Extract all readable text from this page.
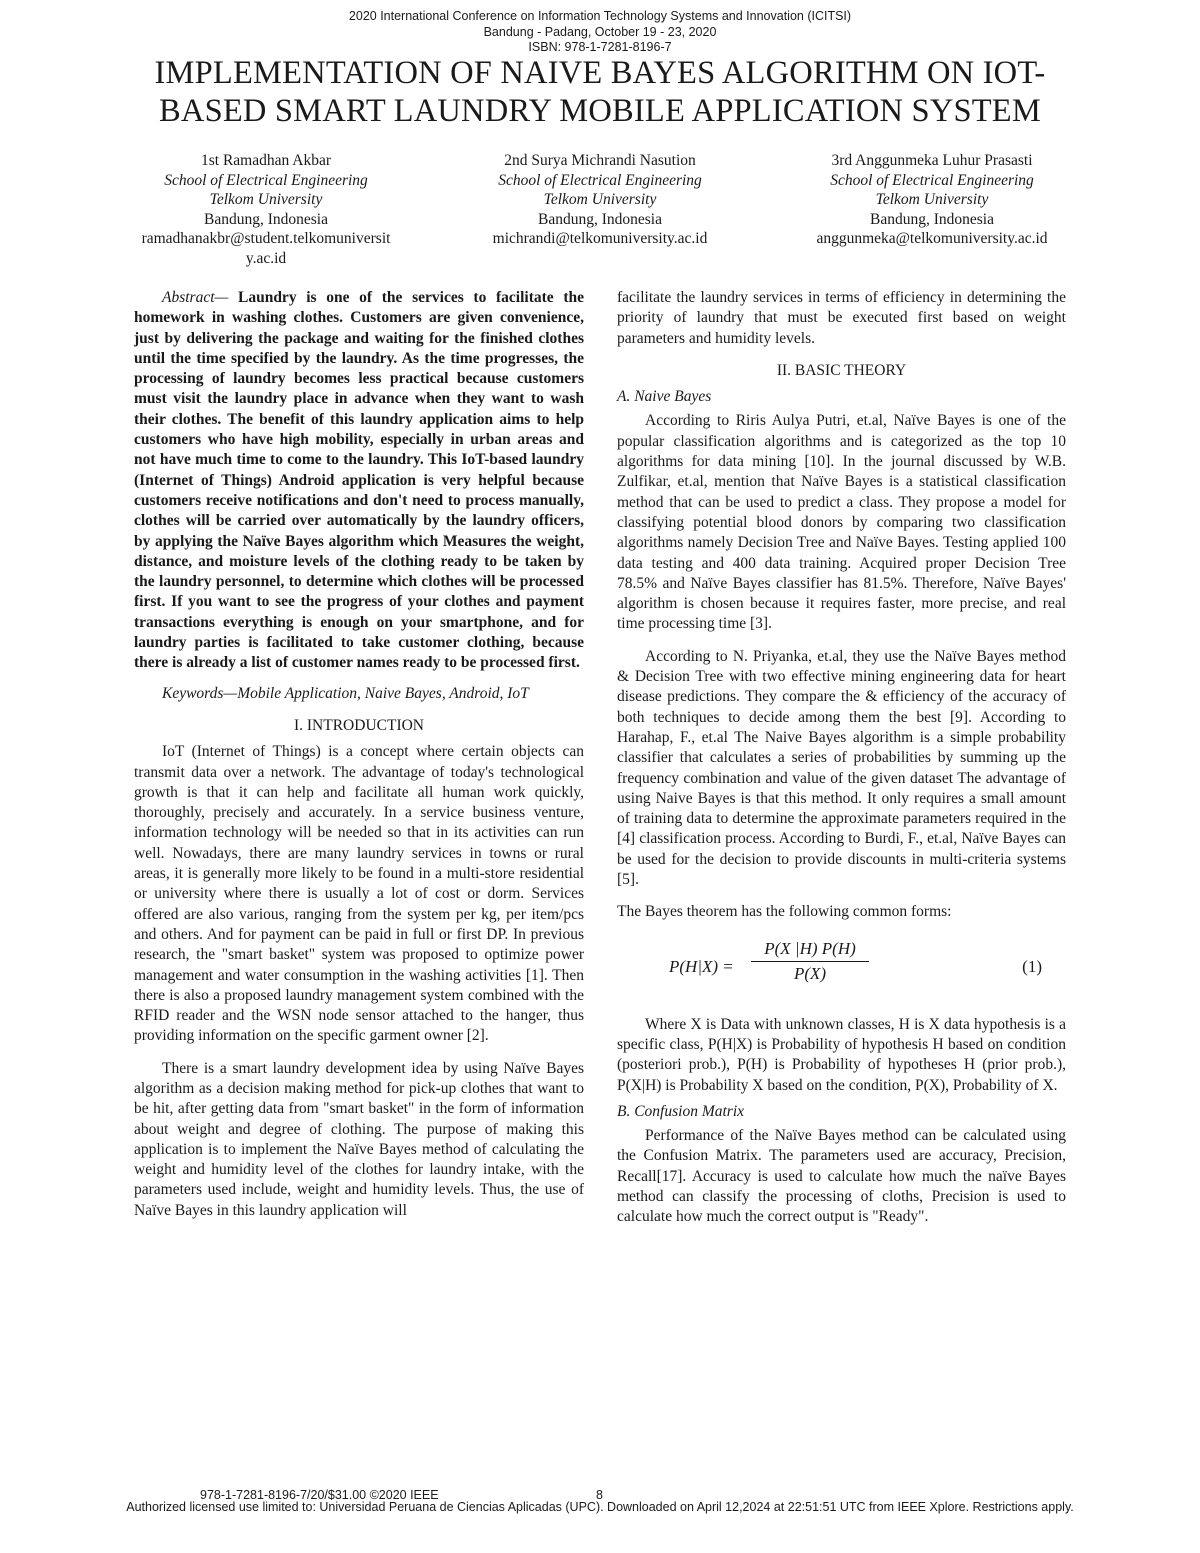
2020 International Conference on Information Technology Systems and Innovation (ICITSI)
Bandung - Padang, October 19 - 23, 2020
ISBN: 978-1-7281-8196-7
IMPLEMENTATION OF NAIVE BAYES ALGORITHM ON IOT-
BASED SMART LAUNDRY MOBILE APPLICATION SYSTEM
1st Ramadhan Akbar
School of Electrical Engineering
Telkom University
Bandung, Indonesia
ramadhanakbr@student.telkomuniversit
y.ac.id
2nd Surya Michrandi Nasution
School of Electrical Engineering
Telkom University
Bandung, Indonesia
michrandi@telkomuniversity.ac.id
3rd Anggunmeka Luhur Prasasti
School of Electrical Engineering
Telkom University
Bandung, Indonesia
anggunmeka@telkomuniversity.ac.id

Abstract— Laundry is one of the services to facilitate the homework in washing clothes. Customers are given convenience, just by delivering the package and waiting for the finished clothes until the time specified by the laundry. As the time progresses, the processing of laundry becomes less practical because customers must visit the laundry place in advance when they want to wash their clothes. The benefit of this laundry application aims to help customers who have high mobility, especially in urban areas and not have much time to come to the laundry. This IoT-based laundry (Internet of Things) Android application is very helpful because customers receive notifications and don't need to process manually, clothes will be carried over automatically by the laundry officers, by applying the Naïve Bayes algorithm which Measures the weight, distance, and moisture levels of the clothing ready to be taken by the laundry personnel, to determine which clothes will be processed first. If you want to see the progress of your clothes and payment transactions everything is enough on your smartphone, and for laundry parties is facilitated to take customer clothing, because there is already a list of customer names ready to be processed first.

Keywords—Mobile Application, Naive Bayes, Android, IoT

I. INTRODUCTION

IoT (Internet of Things) is a concept where certain objects can transmit data over a network. The advantage of today's technological growth is that it can help and facilitate all human work quickly, thoroughly, precisely and accurately. In a service business venture, information technology will be needed so that in its activities can run well. Nowadays, there are many laundry services in towns or rural areas, it is generally more likely to be found in a multi-store residential or university where there is usually a lot of cost or dorm. Services offered are also various, ranging from the system per kg, per item/pcs and others. And for payment can be paid in full or first DP. In previous research, the "smart basket" system was proposed to optimize power management and water consumption in the washing activities [1]. Then there is also a proposed laundry management system combined with the RFID reader and the WSN node sensor attached to the hanger, thus providing information on the specific garment owner [2].

There is a smart laundry development idea by using Naïve Bayes algorithm as a decision making method for pick-up clothes that want to be hit, after getting data from "smart basket" in the form of information about weight and degree of clothing. The purpose of making this application is to implement the Naïve Bayes method of calculating the weight and humidity level of the clothes for laundry intake, with the parameters used include, weight and humidity levels. Thus, the use of Naïve Bayes in this laundry application will

facilitate the laundry services in terms of efficiency in determining the priority of laundry that must be executed first based on weight parameters and humidity levels.

II. BASIC THEORY

A. Naive Bayes

According to Riris Aulya Putri, et.al, Naïve Bayes is one of the popular classification algorithms and is categorized as the top 10 algorithms for data mining [10]. In the journal discussed by W.B. Zulfikar, et.al, mention that Naïve Bayes is a statistical classification method that can be used to predict a class. They propose a model for classifying potential blood donors by comparing two classification algorithms namely Decision Tree and Naïve Bayes. Testing applied 100 data testing and 400 data training. Acquired proper Decision Tree 78.5% and Naïve Bayes classifier has 81.5%. Therefore, Naïve Bayes' algorithm is chosen because it requires faster, more precise, and real time processing time [3].

According to N. Priyanka, et.al, they use the Naïve Bayes method & Decision Tree with two effective mining engineering data for heart disease predictions. They compare the & efficiency of the accuracy of both techniques to decide among them the best [9]. According to Harahap, F., et.al The Naive Bayes algorithm is a simple probability classifier that calculates a series of probabilities by summing up the frequency combination and value of the given dataset The advantage of using Naive Bayes is that this method. It only requires a small amount of training data to determine the approximate parameters required in the [4] classification process. According to Burdi, F., et.al, Naïve Bayes can be used for the decision to provide discounts in multi-criteria systems [5].

The Bayes theorem has the following common forms:

$P(H|X) = \frac{P(X |H) P(H)}{P(X)}$	(1)

Where X is Data with unknown classes, H is X data hypothesis is a specific class, P(H|X) is Probability of hypothesis H based on condition (posteriori prob.), P(H) is Probability of hypotheses H (prior prob.), P(X|H) is Probability X based on the condition, P(X), Probability of X.

B. Confusion Matrix

Performance of the Naïve Bayes method can be calculated using the Confusion Matrix. The parameters used are accuracy, Precision, Recall[17]. Accuracy is used to calculate how much the naïve Bayes method can classify the processing of cloths, Precision is used to calculate how much the correct output is "Ready".

978-1-7281-8196-7/20/$31.00 ©2020 IEEE	8
Authorized licensed use limited to: Universidad Peruana de Ciencias Aplicadas (UPC). Downloaded on April 12,2024 at 22:51:51 UTC from IEEE Xplore. Restrictions apply.
